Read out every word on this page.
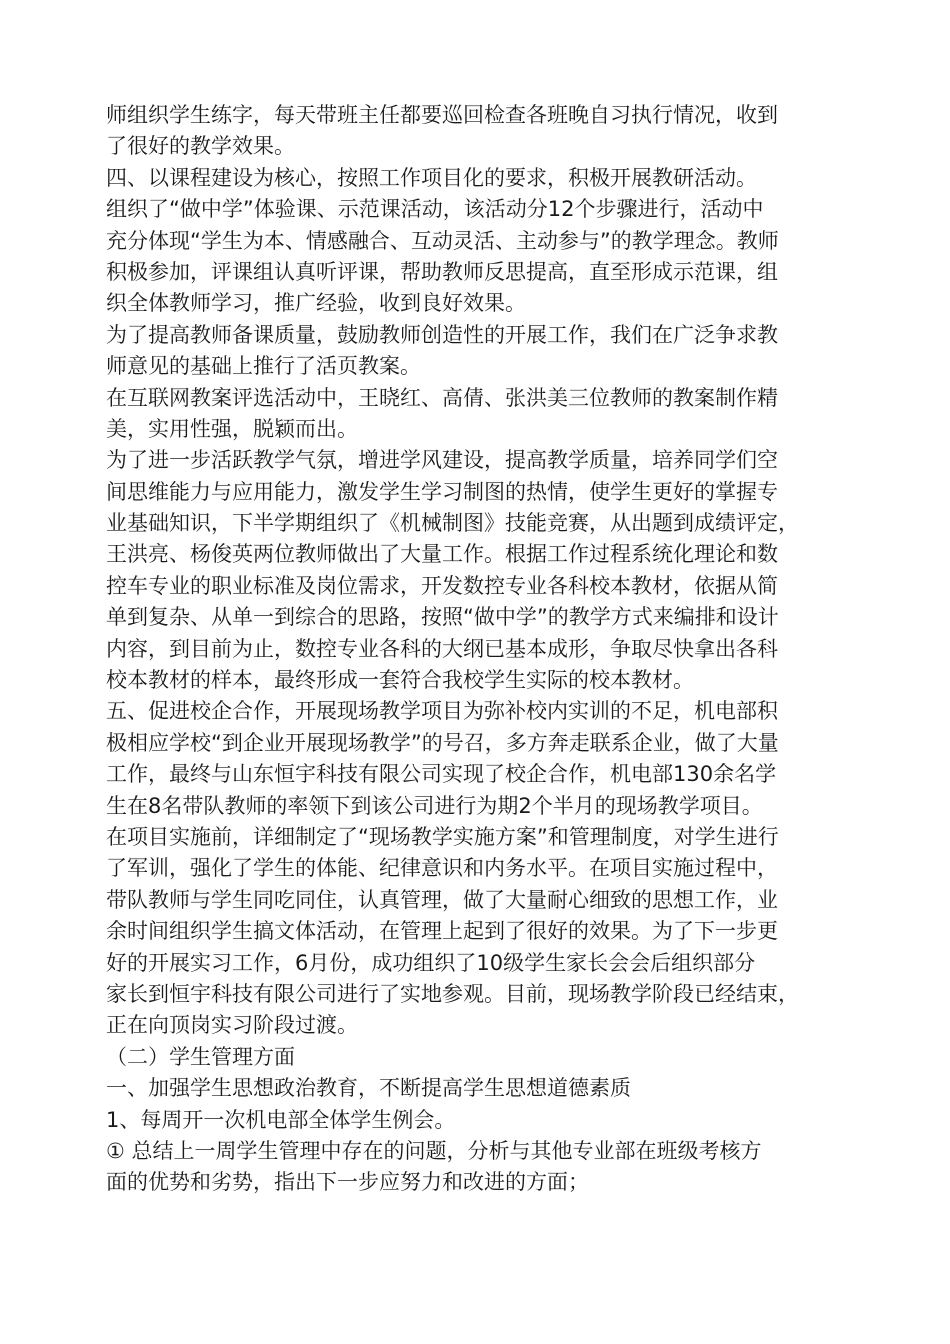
师组织学生练字，每天带班主任都要巡回检查各班晚自习执行情况，收到
了很好的教学效果。
四、以课程建设为核心，按照工作项目化的要求，积极开展教研活动。
组织了“做中学”体验课、示范课活动，该活动分12个步骤进行，活动中
充分体现“学生为本、情感融合、互动灵活、主动参与”的教学理念。教师
积极参加，评课组认真听评课，帮助教师反思提高，直至形成示范课，组
织全体教师学习，推广经验，收到良好效果。
为了提高教师备课质量，鼓励教师创造性的开展工作，我们在广泛争求教
师意见的基础上推行了活页教案。
在互联网教案评选活动中，王晓红、高倩、张洪美三位教师的教案制作精
美，实用性强，脱颖而出。
为了进一步活跃教学气氛，增进学风建设，提高教学质量，培养同学们空
间思维能力与应用能力，激发学生学习制图的热情，使学生更好的掌握专
业基础知识，下半学期组织了《机械制图》技能竞赛，从出题到成绩评定，
王洪亮、杨俊英两位教师做出了大量工作。根据工作过程系统化理论和数
控车专业的职业标准及岗位需求，开发数控专业各科校本教材，依据从简
单到复杂、从单一到综合的思路，按照“做中学”的教学方式来编排和设计
内容，到目前为止，数控专业各科的大纲已基本成形，争取尽快拿出各科
校本教材的样本，最终形成一套符合我校学生实际的校本教材。
五、促进校企合作，开展现场教学项目为弥补校内实训的不足，机电部积
极相应学校“到企业开展现场教学”的号召，多方奔走联系企业，做了大量
工作，最终与山东恒宇科技有限公司实现了校企合作，机电部130余名学
生在8名带队教师的率领下到该公司进行为期2个半月的现场教学项目。
在项目实施前，详细制定了“现场教学实施方案”和管理制度，对学生进行
了军训，强化了学生的体能、纪律意识和内务水平。在项目实施过程中，
带队教师与学生同吃同住，认真管理，做了大量耐心细致的思想工作，业
余时间组织学生搞文体活动，在管理上起到了很好的效果。为了下一步更
好的开展实习工作，6月份，成功组织了10级学生家长会会后组织部分
家长到恒宇科技有限公司进行了实地参观。目前，现场教学阶段已经结束，
正在向顶岗实习阶段过渡。
（二）学生管理方面
一、加强学生思想政治教育，不断提高学生思想道德素质
1、每周开一次机电部全体学生例会。
① 总结上一周学生管理中存在的问题，分析与其他专业部在班级考核方
面的优势和劣势，指出下一步应努力和改进的方面；
